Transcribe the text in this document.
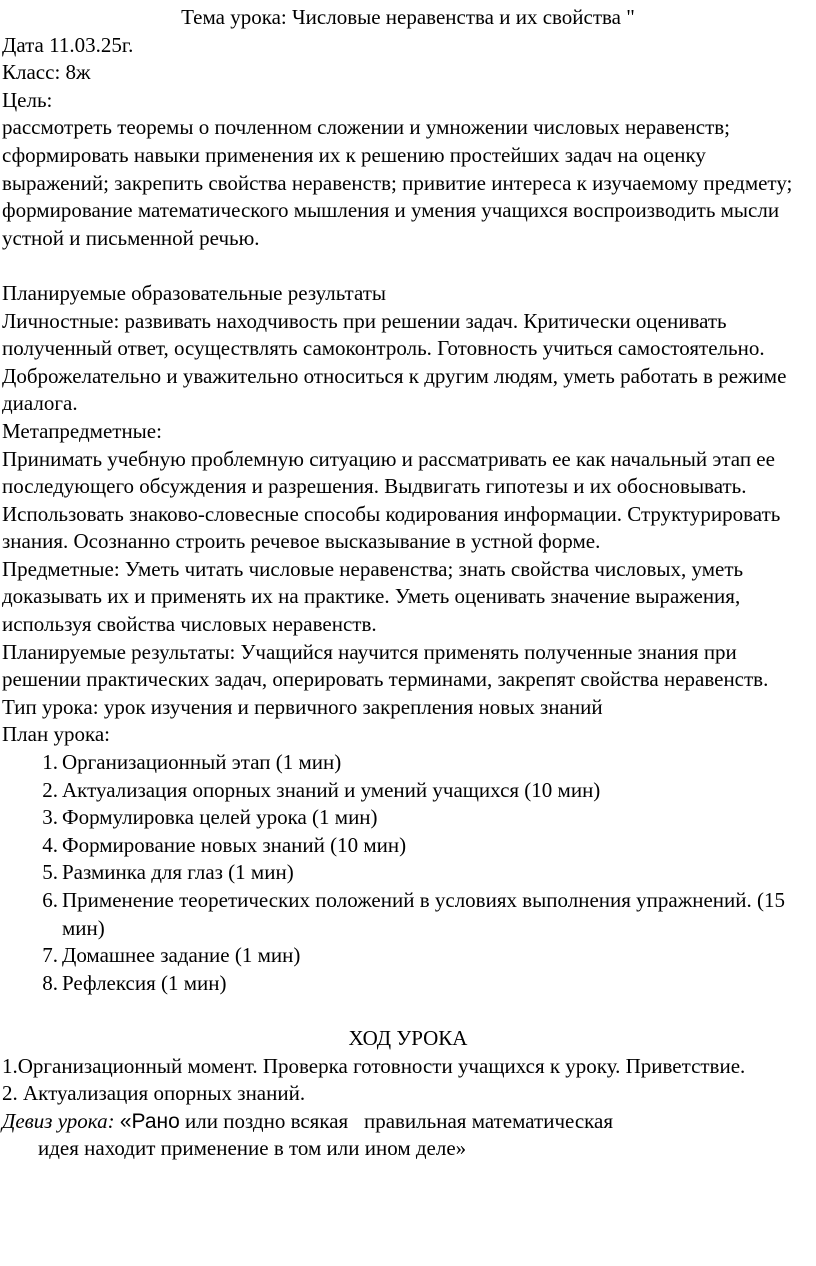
Тема урока: Числовые неравенства и их свойства "
Дата 11.03.25г.
Класс: 8ж
Цель:
рассмотреть теоремы о почленном сложении и умножении числовых неравенств; сформировать навыки применения их к решению простейших задач на оценку выражений; закрепить свойства неравенств; привитие интереса к изучаемому предмету; формирование математического мышления и умения учащихся воспроизводить мысли устной и письменной речью.
Планируемые образовательные результаты
Личностные: развивать находчивость при решении задач. Критически оценивать полученный ответ, осуществлять самоконтроль. Готовность учиться самостоятельно. Доброжелательно и уважительно относиться к другим людям, уметь работать в режиме диалога.
Метапредметные:
Принимать учебную проблемную ситуацию и рассматривать ее как начальный этап ее последующего обсуждения и разрешения. Выдвигать гипотезы и их обосновывать. Использовать знаково-словесные способы кодирования информации. Структурировать знания. Осознанно строить речевое высказывание в устной форме.
Предметные: Уметь читать числовые неравенства; знать свойства числовых, уметь доказывать их и применять их на практике. Уметь оценивать значение выражения, используя свойства числовых неравенств.
Планируемые результаты: Учащийся научится применять полученные знания при решении практических задач, оперировать терминами, закрепят свойства неравенств.
Тип урока: урок изучения и первичного закрепления новых знаний
План урока:
1. Организационный этап (1 мин)
2. Актуализация опорных знаний и умений учащихся (10 мин)
3. Формулировка целей урока (1 мин)
4. Формирование новых знаний (10 мин)
5. Разминка для глаз (1 мин)
6. Применение теоретических положений в условиях выполнения упражнений. (15 мин)
7. Домашнее задание (1 мин)
8. Рефлексия (1 мин)
ХОД УРОКА
1.Организационный момент. Проверка готовности учащихся к уроку. Приветствие.
2. Актуализация опорных знаний.
Девиз урока: «Рано или поздно всякая   правильная математическая
идея находит применение в том или ином деле»
